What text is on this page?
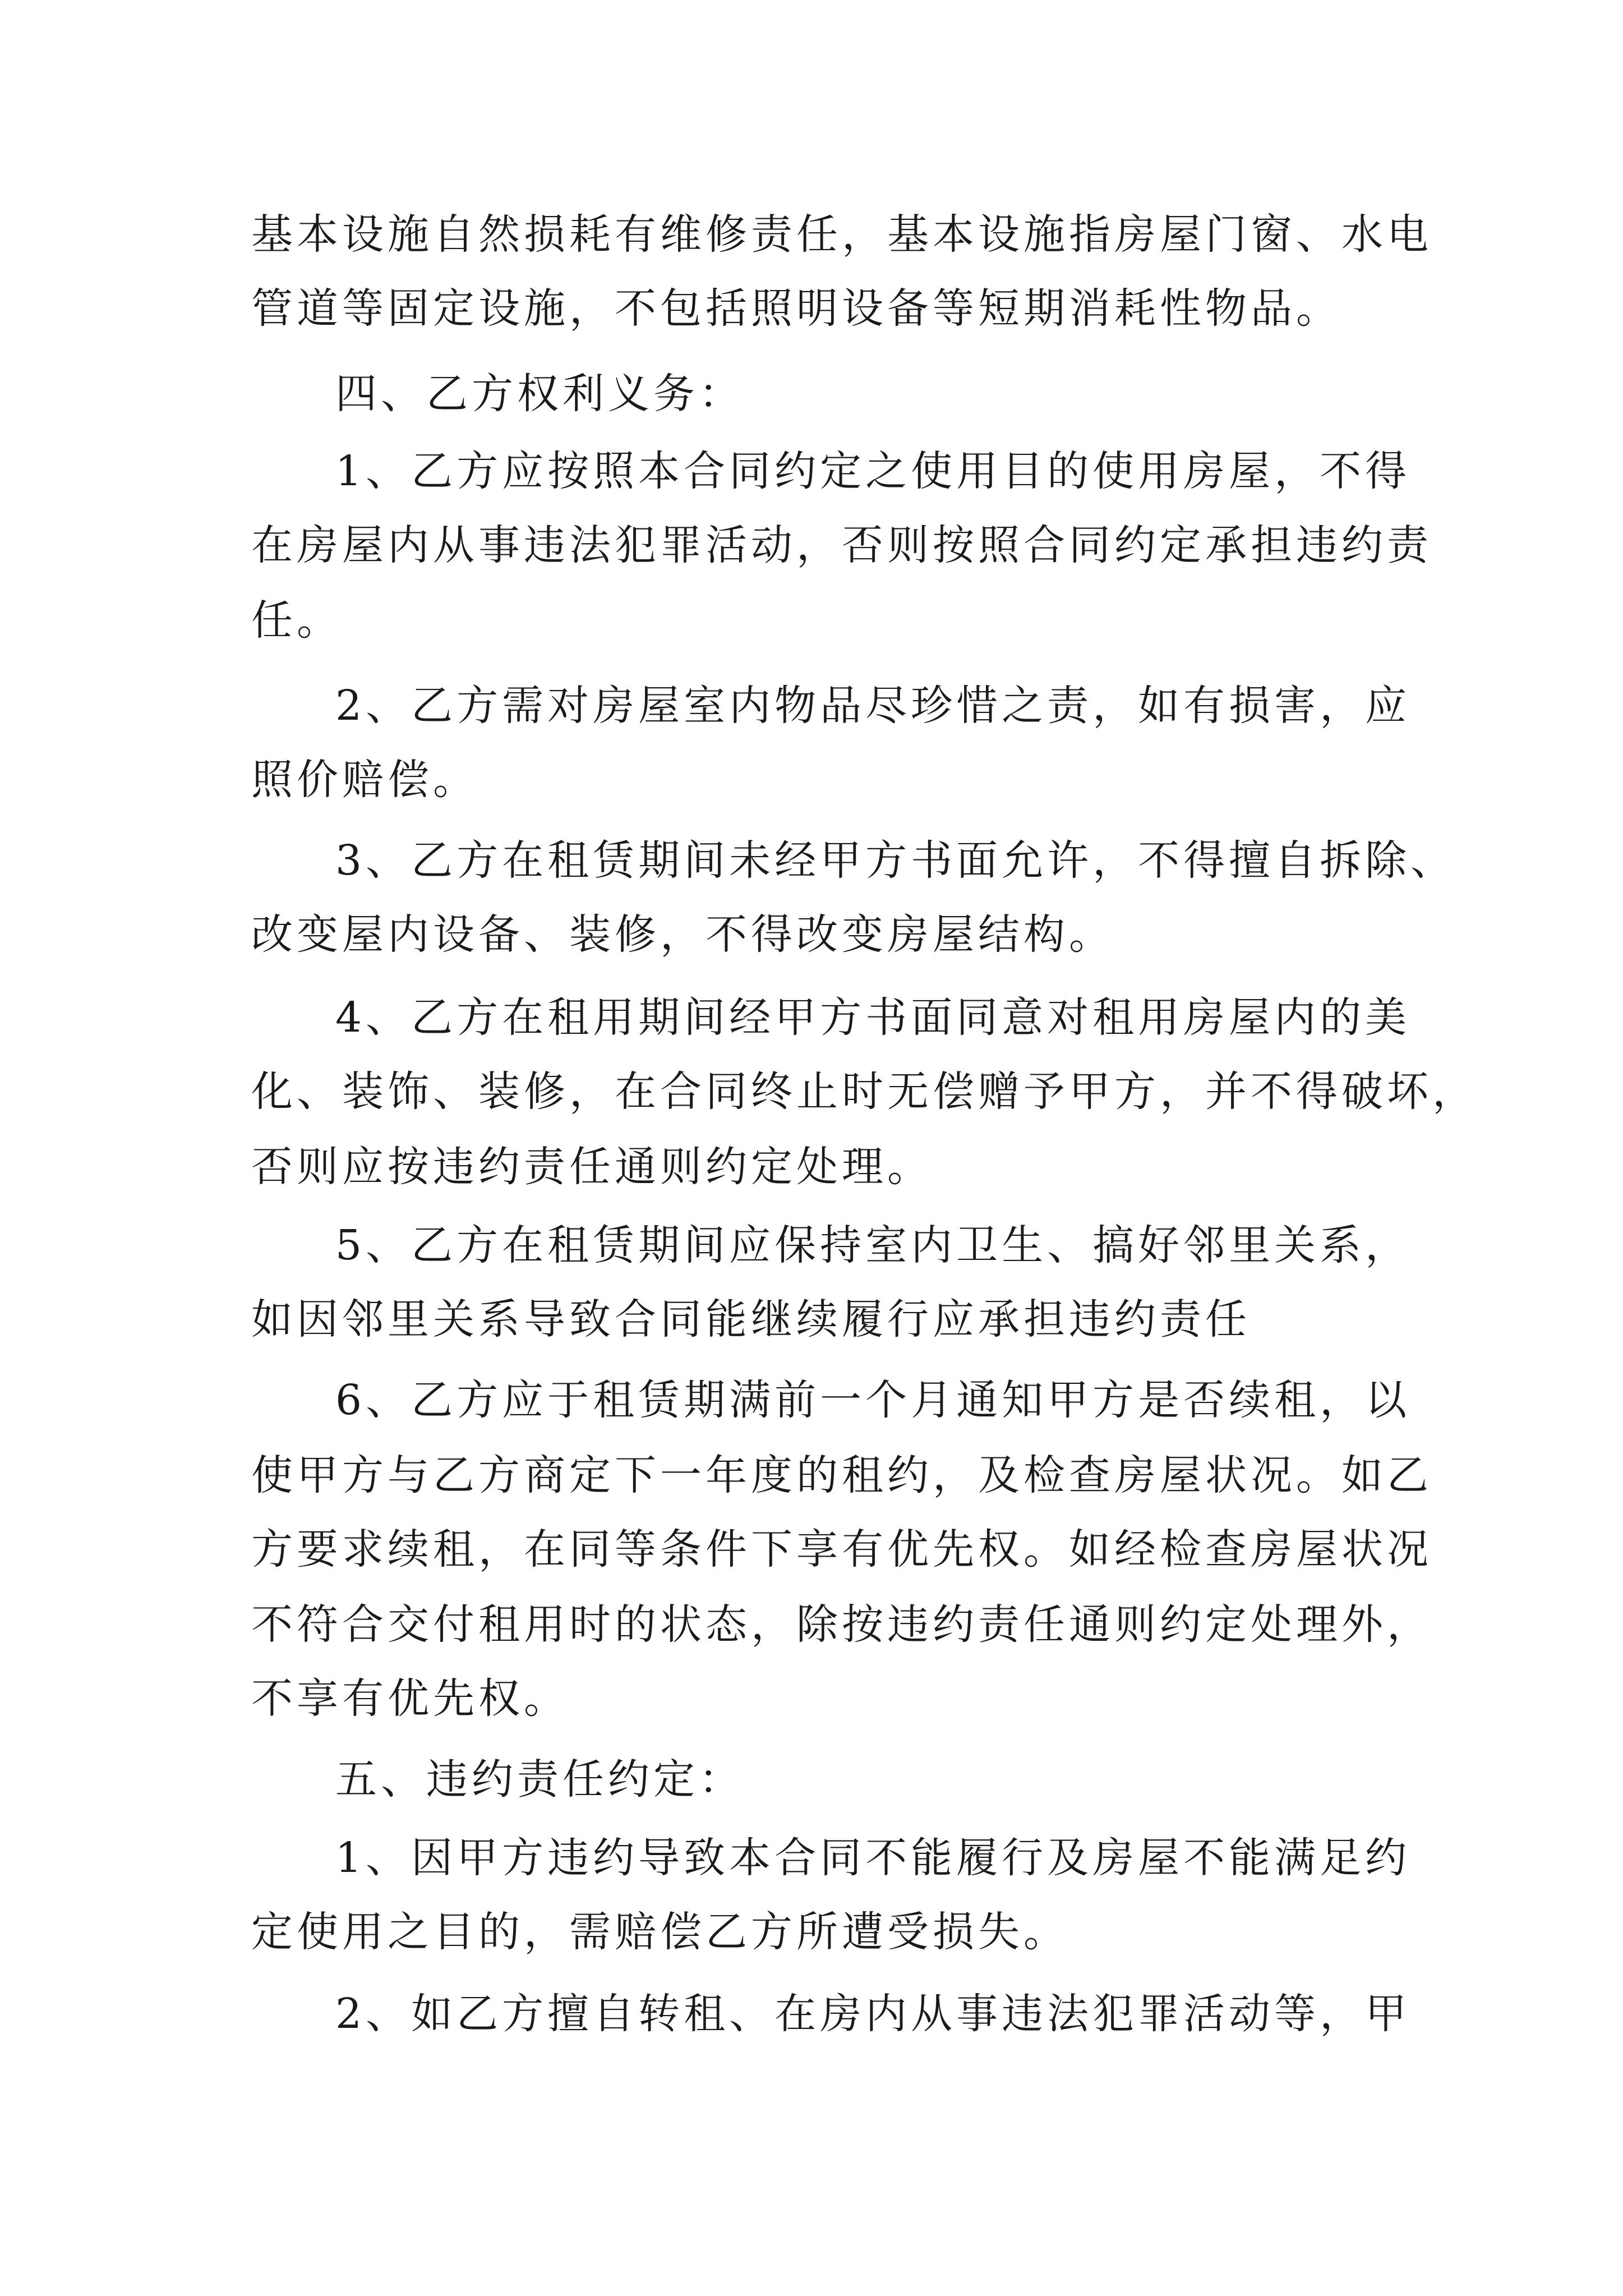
基本设施自然损耗有维修责任，基本设施指房屋门窗、水电

管道等固定设施，不包括照明设备等短期消耗性物品。

四、乙方权利义务：

1、乙方应按照本合同约定之使用目的使用房屋，不得

在房屋内从事违法犯罪活动，否则按照合同约定承担违约责

任。

2、乙方需对房屋室内物品尽珍惜之责，如有损害，应

照价赔偿。

3、乙方在租赁期间未经甲方书面允许，不得擅自拆除、

改变屋内设备、装修，不得改变房屋结构。

4、乙方在租用期间经甲方书面同意对租用房屋内的美

化、装饰、装修，在合同终止时无偿赠予甲方，并不得破坏，

否则应按违约责任通则约定处理。

5、乙方在租赁期间应保持室内卫生、搞好邻里关系，

如因邻里关系导致合同能继续履行应承担违约责任

6、乙方应于租赁期满前一个月通知甲方是否续租，以

使甲方与乙方商定下一年度的租约，及检查房屋状况。如乙

方要求续租，在同等条件下享有优先权。如经检查房屋状况

不符合交付租用时的状态，除按违约责任通则约定处理外，

不享有优先权。

五、违约责任约定：

1、因甲方违约导致本合同不能履行及房屋不能满足约

定使用之目的，需赔偿乙方所遭受损失。

2、如乙方擅自转租、在房内从事违法犯罪活动等，甲
